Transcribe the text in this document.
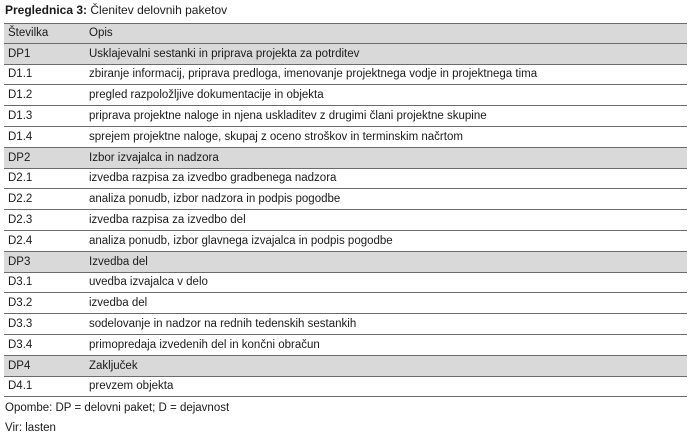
Preglednica 3: Členitev delovnih paketov
Številka	Opis
DP1	Usklajevalni sestanki in priprava projekta za potrditev
D1.1	zbiranje informacij, priprava predloga, imenovanje projektnega vodje in projektnega tima
D1.2	pregled razpoložljive dokumentacije in objekta
D1.3	priprava projektne naloge in njena uskladitev z drugimi člani projektne skupine
D1.4	sprejem projektne naloge, skupaj z oceno stroškov in terminskim načrtom
DP2	Izbor izvajalca in nadzora
D2.1	izvedba razpisa za izvedbo gradbenega nadzora
D2.2	analiza ponudb, izbor nadzora in podpis pogodbe
D2.3	izvedba razpisa za izvedbo del
D2.4	analiza ponudb, izbor glavnega izvajalca in podpis pogodbe
DP3	Izvedba del
D3.1	uvedba izvajalca v delo
D3.2	izvedba del
D3.3	sodelovanje in nadzor na rednih tedenskih sestankih
D3.4	primopredaja izvedenih del in končni obračun
DP4	Zaključek
D4.1	prevzem objekta
Opombe: DP = delovni paket; D = dejavnost
Vir: lasten
